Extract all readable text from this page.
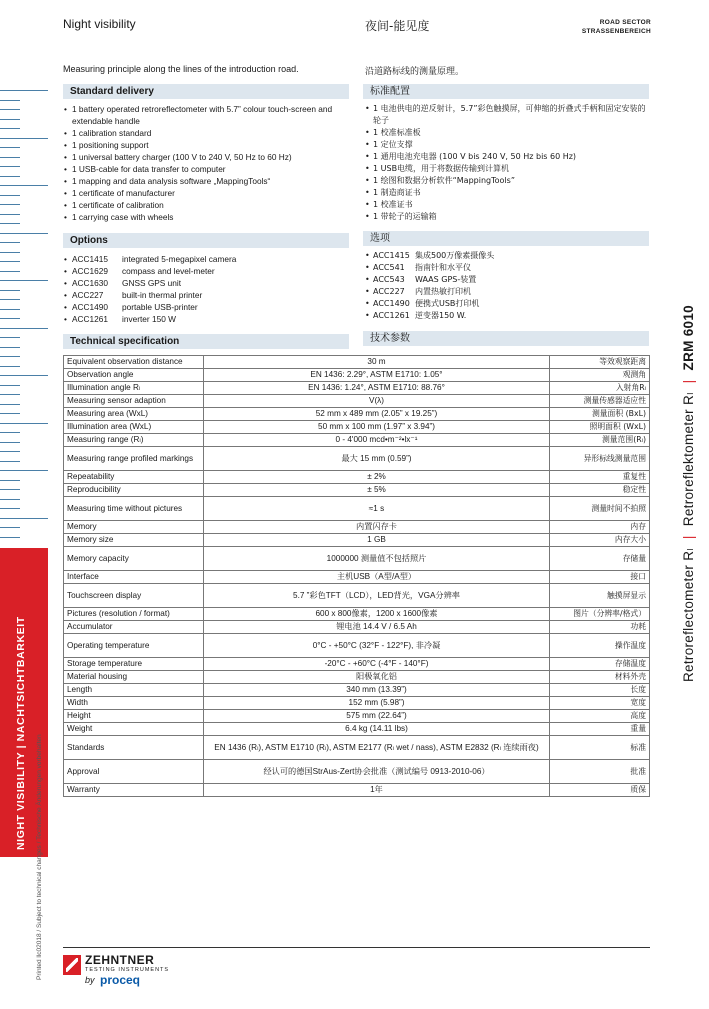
NIGHT VISIBILITY | NACHTSICHTBARKEIT
Printed llc02018 / Subject to technical changes / Technische Änderungen vorbehalten
Retroreflectometer Rₗ | Retroreflektometer Rₗ | ZRM 6010
Night visibility	夜间-能见度	ROAD SECTOR
STRASSENBEREICH
Measuring principle along the lines of the introduction road.	沿道路标线的测量原理。
Standard delivery	标准配置
• 1 battery operated retroreflectometer with 5.7” colour touch-screen and extendable handle
• 1 calibration standard
• 1 positioning support
• 1 universal battery charger (100 V to 240 V, 50 Hz to 60 Hz)
• 1 USB-cable for data transfer to computer
• 1 mapping and data analysis software „MappingTools“
• 1 certificate of manufacturer
• 1 certificate of calibration
• 1 carrying case with wheels
• 1 电池供电的逆反射计，5.7”彩色触摸屏，可伸缩的折叠式手柄和固定安装的轮子
• 1 校准标准板
• 1 定位支撑
• 1 通用电池充电器 (100 V bis 240 V, 50 Hz bis 60 Hz)
• 1 USB电缆，用于将数据传输到计算机
• 1 绘图和数据分析软件“MappingTools”
• 1 制造商证书
• 1 校准证书
• 1 带轮子的运输箱
Options	选项
• ACC1415 integrated 5-megapixel camera
• ACC1629 compass and level-meter
• ACC1630 GNSS GPS unit
• ACC227 built-in thermal printer
• ACC1490 portable USB-printer
• ACC1261 inverter 150 W
• ACC1415 集成500万像素摄像头
• ACC541 指南针和水平仪
• ACC543 WAAS GPS-装置
• ACC227 内置热敏打印机
• ACC1490 便携式USB打印机
• ACC1261 逆变器150 W.
Technical specification	技术参数
Equivalent observation distance	30 m	等效观察距离
Observation angle	EN 1436: 2.29°, ASTM E1710: 1.05°	观测角
Illumination angle Rₗ	EN 1436: 1.24°, ASTM E1710: 88.76°	入射角Rₗ
Measuring sensor adaption	V(λ)	测量传感器适应性
Measuring area (WxL)	52 mm x 489 mm (2.05” x 19.25”)	测量面积 (BxL)
Illumination area (WxL)	50 mm x 100 mm (1.97” x 3.94”)	照明面积 (WxL)
Measuring range (Rₗ)	0 - 4'000 mcd•m⁻²•lx⁻¹	测量范围(Rₗ)
Measuring range profiled markings	最大 15 mm (0.59”)	异形标线测量范围
Repeatability	± 2%	重复性
Reproducibility	± 5%	稳定性
Measuring time without pictures	≈1 s	测量时间不拍照
Memory	内置闪存卡	内存
Memory size	1 GB	内存大小
Memory capacity	1000000 测量值不包括照片	存储量
Interface	主机USB（A型/A型）	接口
Touchscreen display	5.7 ”彩色TFT（LCD），LED背光，VGA分辨率	触摸屏显示
Pictures (resolution / format)	600 x 800像素，1200 x 1600像素	图片（分辨率/格式）
Accumulator	锂电池 14.4 V / 6.5 Ah	功耗
Operating temperature	0°C - +50°C (32°F - 122°F), 非冷凝	操作温度
Storage temperature	-20°C - +60°C (-4°F - 140°F)	存储温度
Material housing	阳极氧化铝	材料外壳
Length	340 mm (13.39”)	长度
Width	152 mm (5.98”)	宽度
Height	575 mm (22.64”)	高度
Weight	6.4 kg (14.11 lbs)	重量
Standards	EN 1436 (Rₗ), ASTM E1710 (Rₗ), ASTM E2177 (Rₗ wet / nass), ASTM E2832 (Rₗ 连续雨夜)	标准
Approval	经认可的德国StrAus-Zert协会批准（测试编号 0913-2010-06）	批准
Warranty	1年	质保
ZEHNTNER
TESTING INSTRUMENTS
by proceq
